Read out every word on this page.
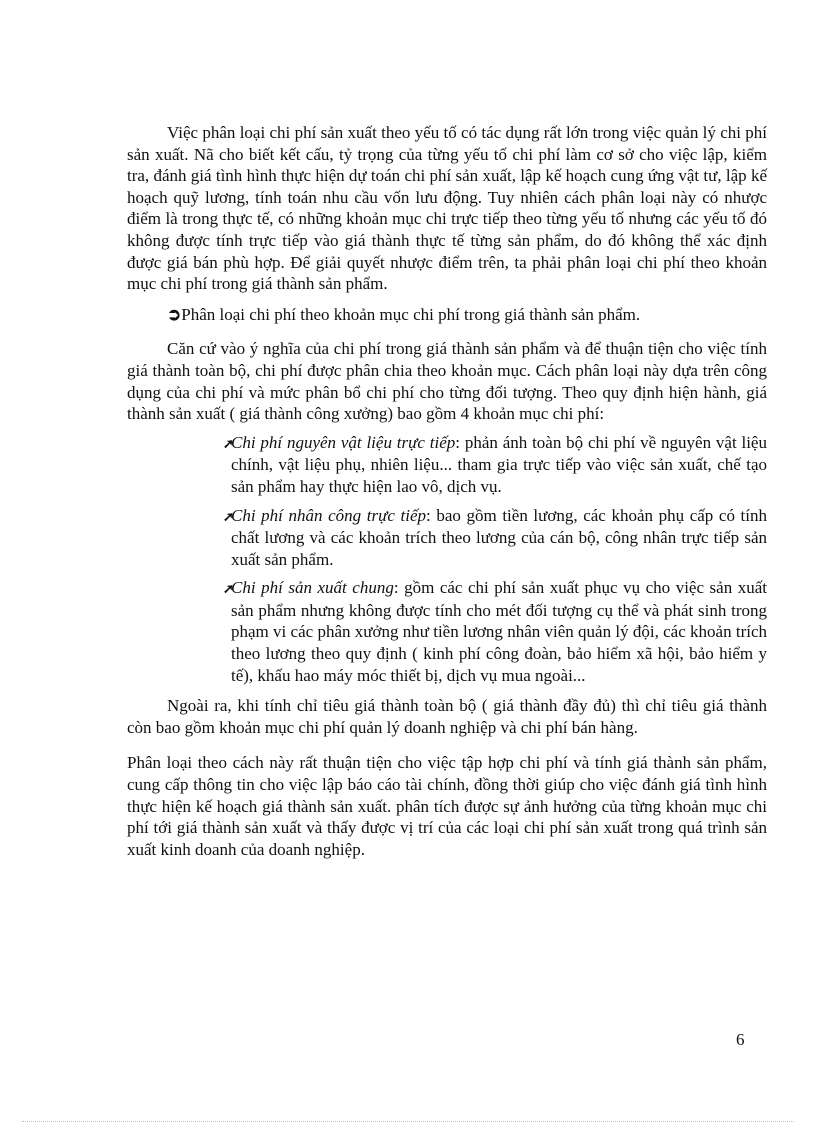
Việc phân loại chi phí sản xuất theo yếu tố có tác dụng rất lớn trong việc quản lý chi phí sản xuất. Nã cho biết kết cấu, tỷ trọng của từng yếu tố chi phí làm cơ sở cho việc lập, kiểm tra, đánh giá tình hình thực hiện dự toán chi phí sản xuất, lập kế hoạch cung ứng vật tư, lập kế hoạch quỹ lương, tính toán nhu cầu vốn lưu động. Tuy nhiên cách phân loại này có nhược điểm là trong thực tế, có những khoản mục chi trực tiếp theo từng yếu tố nhưng các yếu tố đó không được tính trực tiếp vào giá thành thực tế từng sản phẩm, do đó không thể xác định được giá bán phù hợp. Để giải quyết nhược điểm trên, ta phải phân loại chi phí theo khoản mục chi phí trong giá thành sản phẩm.

➲Phân loại chi phí theo khoản mục chi phí trong giá thành sản phẩm.

Căn cứ vào ý nghĩa của chi phí trong giá thành sản phẩm và để thuận tiện cho việc tính giá thành toàn bộ, chi phí được phân chia theo khoản mục. Cách phân loại này dựa trên công dụng của chi phí và mức phân bổ chi phí cho từng đối tượng. Theo quy định hiện hành, giá thành sản xuất ( giá thành công xưởng) bao gồm 4 khoản mục chi phí:

➚Chi phí nguyên vật liệu trực tiếp: phản ánh toàn bộ chi phí về nguyên vật liệu chính, vật liệu phụ, nhiên liệu... tham gia trực tiếp vào việc sản xuất, chế tạo sản phẩm hay thực hiện lao vô, dịch vụ.

➚Chi phí nhân công trực tiếp: bao gồm tiền lương, các khoản phụ cấp có tính chất lương và các khoản trích theo lương của cán bộ, công nhân trực tiếp sản xuất sản phẩm.

➚Chi phí sản xuất chung: gồm các chi phí sản xuất phục vụ cho việc sản xuất sản phẩm nhưng không được tính cho mét đối tượng cụ thể và phát sinh trong phạm vi các phân xưởng như tiền lương nhân viên quản lý đội, các khoản trích theo lương theo quy định ( kinh phí công đoàn, bảo hiểm xã hội, bảo hiểm y tế), khấu hao máy móc thiết bị, dịch vụ mua ngoài...

Ngoài ra, khi tính chỉ tiêu giá thành toàn bộ ( giá thành đầy đủ) thì chỉ tiêu giá thành còn bao gồm khoản mục chi phí quản lý doanh nghiệp và chi phí bán hàng.

Phân loại theo cách này rất thuận tiện cho việc tập hợp chi phí và tính giá thành sản phẩm, cung cấp thông tin cho việc lập báo cáo tài chính, đồng thời giúp cho việc đánh giá tình hình thực hiện kế hoạch giá thành sản xuất. phân tích được sự ảnh hưởng của từng khoản mục chi phí tới giá thành sản xuất và thấy được vị trí của các loại chi phí sản xuất trong quá trình sản xuất kinh doanh của doanh nghiệp.

6
